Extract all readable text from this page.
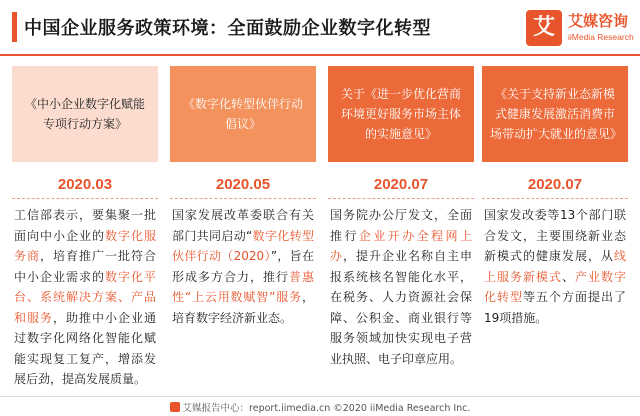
中国企业服务政策环境：全面鼓励企业数字化转型	艾 艾媒咨询
iiMedia Research
《中小企业数字化赋能专项行动方案》
2020.03
工信部表示，要集聚一批面向中小企业的数字化服务商，培育推广一批符合中小企业需求的数字化平台、系统解决方案、产品和服务，助推中小企业通过数字化网络化智能化赋能实现复工复产，增添发展后劲，提高发展质量。
《数字化转型伙伴行动倡议》
2020.05
国家发展改革委联合有关部门共同启动“数字化转型伙伴行动（2020）”，旨在形成多方合力，推行普惠性“上云用数赋智”服务，培育数字经济新业态。
关于《进一步优化营商环境更好服务市场主体的实施意见》
2020.07
国务院办公厅发文，全面推行企业开办全程网上办，提升企业名称自主申报系统核名智能化水平，在税务、人力资源社会保障、公积金、商业银行等服务领域加快实现电子营业执照、电子印章应用。
《关于支持新业态新模式健康发展激活消费市场带动扩大就业的意见》
2020.07
国家发改委等13个部门联合发文，主要围绕新业态新模式的健康发展，从线上服务新模式、产业数字化转型等五个方面提出了19项措施。
艾媒报告中心：report.iimedia.cn ©2020 iiMedia Research Inc.
